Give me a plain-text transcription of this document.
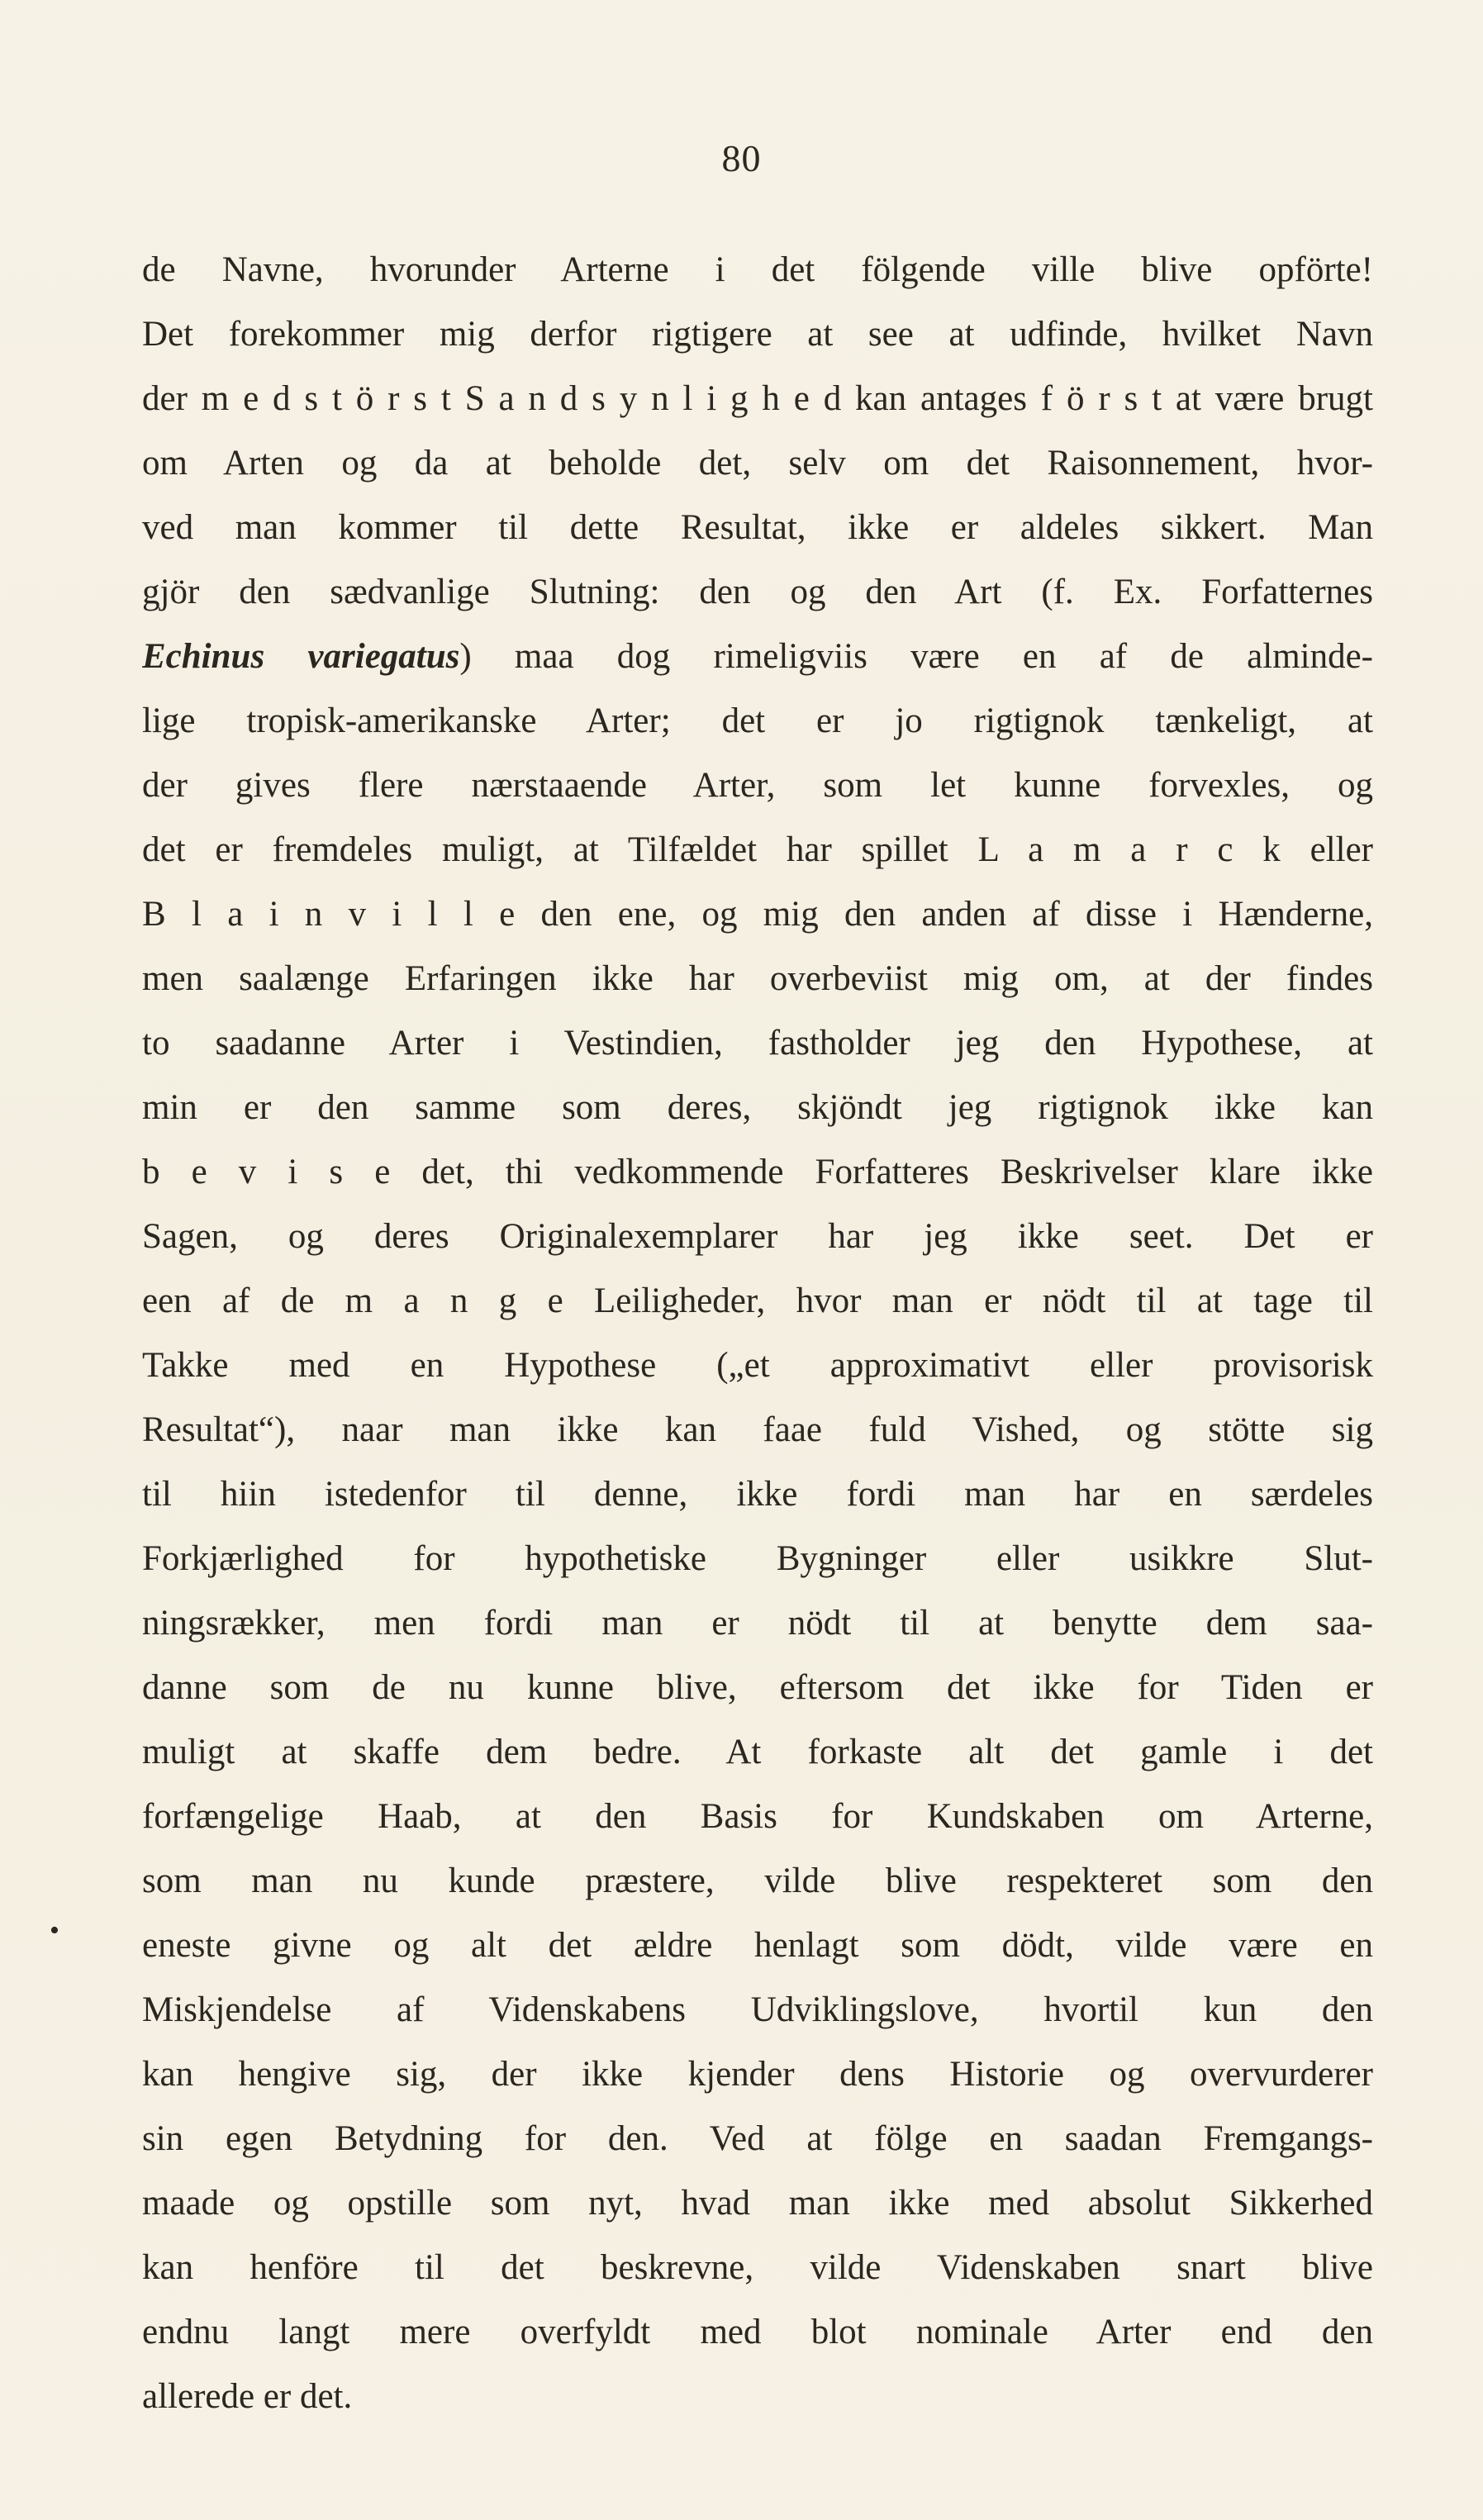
80
•
de Navne, hvorunder Arterne i det fölgende ville blive opförte!
Det forekommer mig derfor rigtigere at see at udfinde, hvilket Navn
der m e d s t ö r s t S a n d s y n l i g h e d kan antages f ö r s t at være brugt
om Arten og da at beholde det, selv om det Raisonnement, hvor-
ved man kommer til dette Resultat, ikke er aldeles sikkert. Man
gjör den sædvanlige Slutning: den og den Art (f. Ex. Forfatternes
Echinus variegatus) maa dog rimeligviis være en af de alminde-
lige tropisk-amerikanske Arter; det er jo rigtignok tænkeligt, at
der gives flere nærstaaende Arter, som let kunne forvexles, og
det er fremdeles muligt, at Tilfældet har spillet L a m a r c k eller
B l a i n v i l l e den ene, og mig den anden af disse i Hænderne,
men saalænge Erfaringen ikke har overbeviist mig om, at der findes
to saadanne Arter i Vestindien, fastholder jeg den Hypothese, at
min er den samme som deres, skjöndt jeg rigtignok ikke kan
b e v i s e det, thi vedkommende Forfatteres Beskrivelser klare ikke
Sagen, og deres Originalexemplarer har jeg ikke seet. Det er
een af de m a n g e Leiligheder, hvor man er nödt til at tage til
Takke med en Hypothese („et approximativt eller provisorisk
Resultat“), naar man ikke kan faae fuld Vished, og stötte sig
til hiin istedenfor til denne, ikke fordi man har en særdeles
Forkjærlighed for hypothetiske Bygninger eller usikkre Slut-
ningsrækker, men fordi man er nödt til at benytte dem saa-
danne som de nu kunne blive, eftersom det ikke for Tiden er
muligt at skaffe dem bedre. At forkaste alt det gamle i det
forfængelige Haab, at den Basis for Kundskaben om Arterne,
som man nu kunde præstere, vilde blive respekteret som den
eneste givne og alt det ældre henlagt som dödt, vilde være en
Miskjendelse af Videnskabens Udviklingslove, hvortil kun den
kan hengive sig, der ikke kjender dens Historie og overvurderer
sin egen Betydning for den. Ved at fölge en saadan Fremgangs-
maade og opstille som nyt, hvad man ikke med absolut Sikkerhed
kan henföre til det beskrevne, vilde Videnskaben snart blive
endnu langt mere overfyldt med blot nominale Arter end den
allerede er det.
